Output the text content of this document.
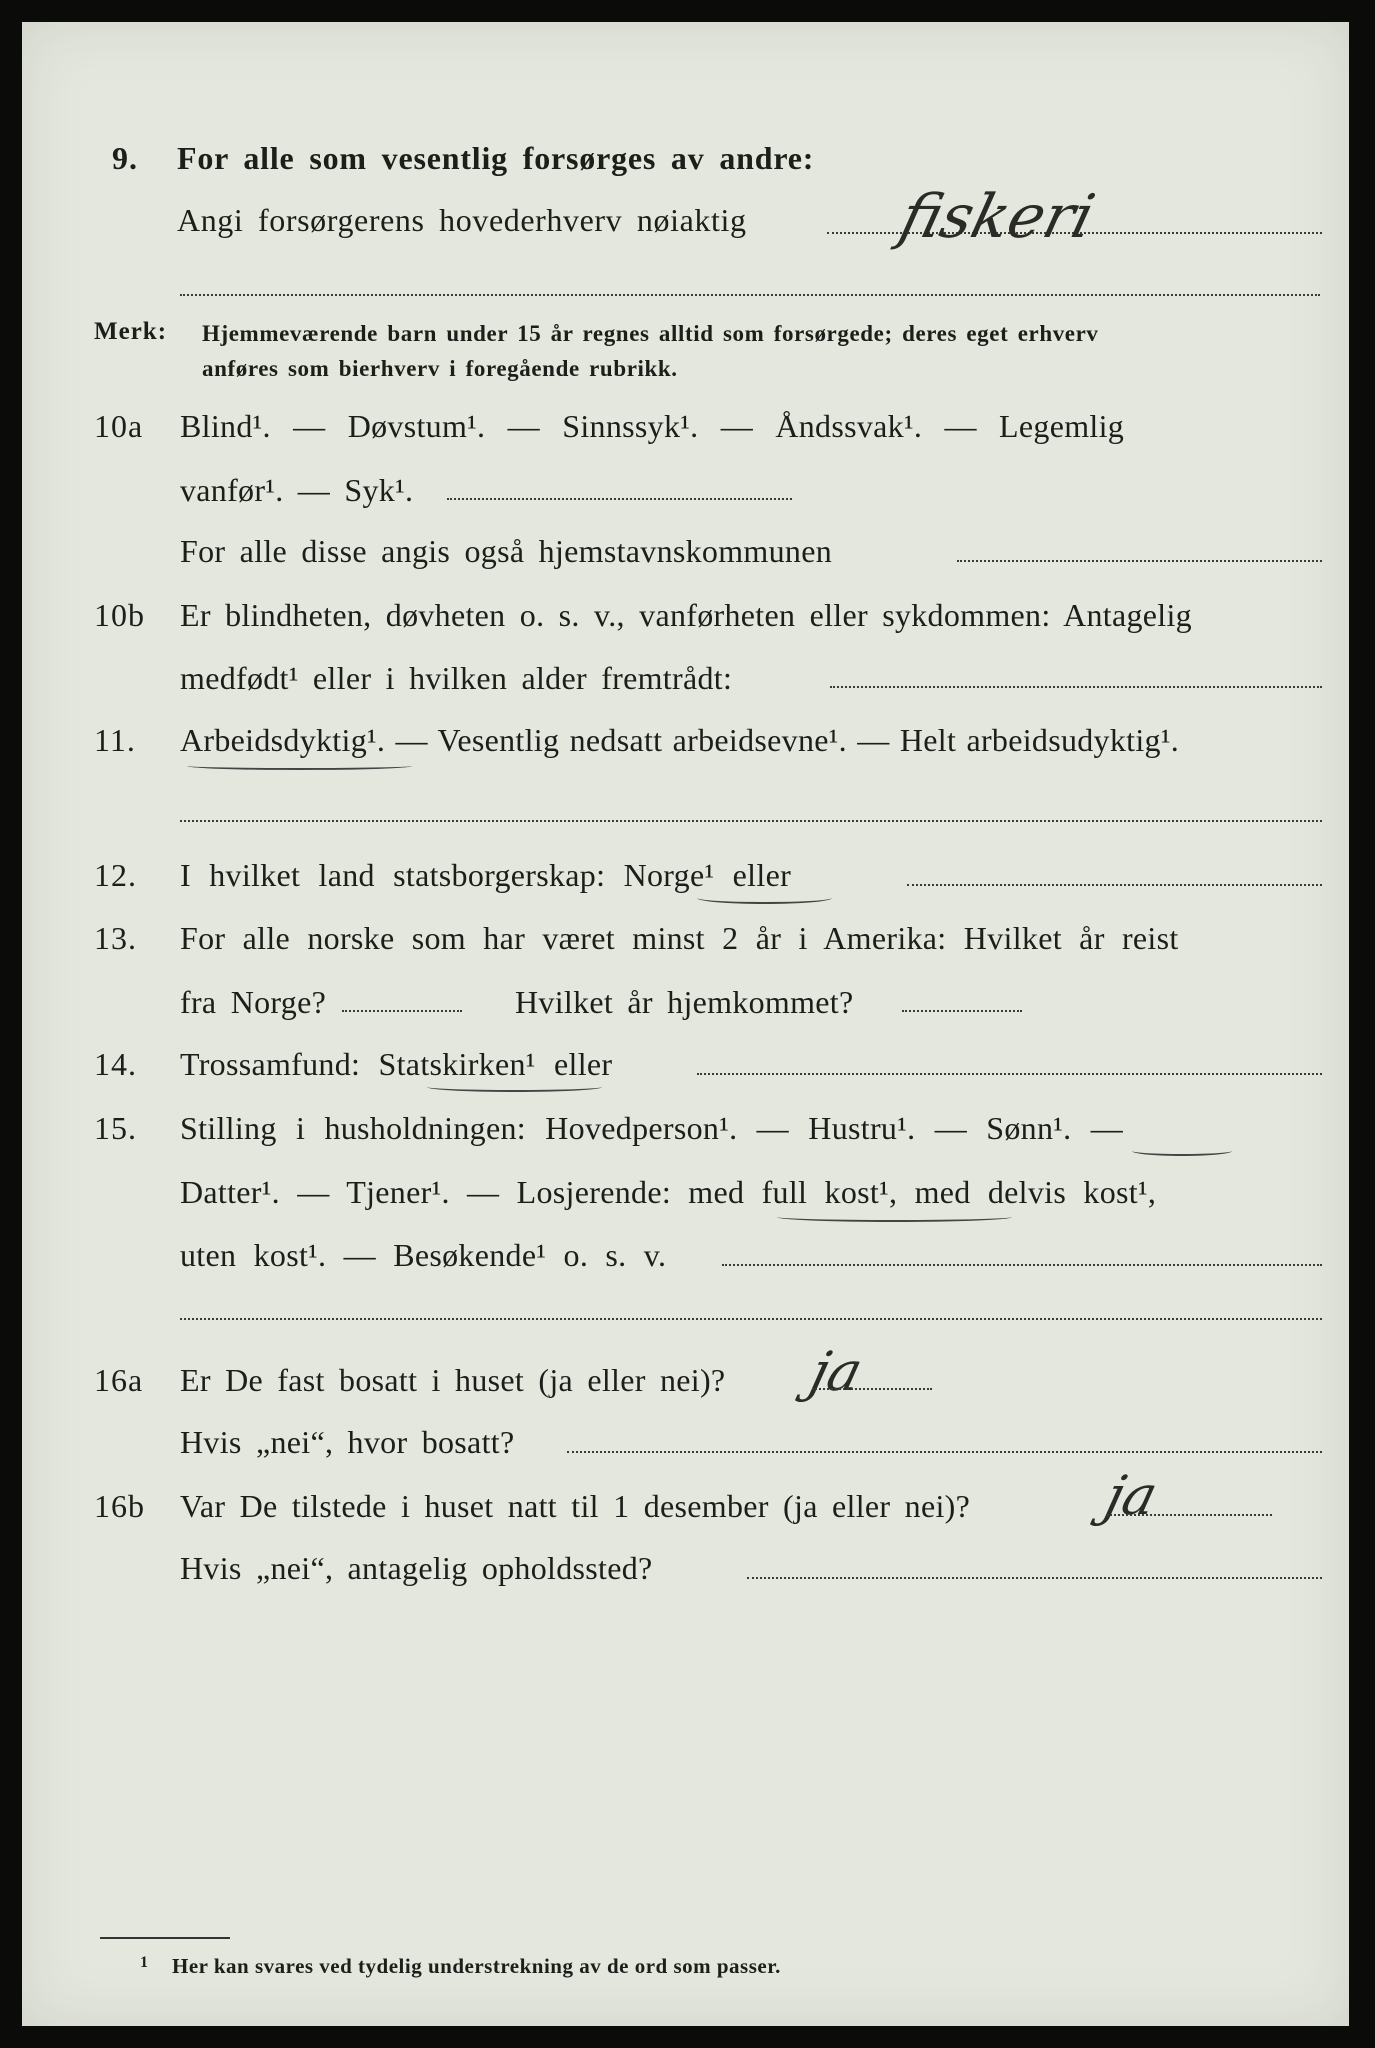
9. For alle som vesentlig forsørges av andre:
Angi forsørgerens hovederhverv nøiaktig fiskeri
Merk: Hjemmeværende barn under 15 år regnes alltid som forsørgede; deres eget erhverv
anføres som bierhverv i foregående rubrikk.
10a Blind¹. — Døvstum¹. — Sinnssyk¹. — Åndssvak¹. — Legemlig
vanfør¹. — Syk¹.
For alle disse angis også hjemstavnskommunen
10b Er blindheten, døvheten o. s. v., vanførheten eller sykdommen: Antagelig
medfødt¹ eller i hvilken alder fremtrådt:
11. Arbeidsdyktig¹. — Vesentlig nedsatt arbeidsevne¹. — Helt arbeidsudyktig¹.
12. I hvilket land statsborgerskap: Norge¹ eller
13. For alle norske som har været minst 2 år i Amerika: Hvilket år reist
fra Norge?	Hvilket år hjemkommet?
14. Trossamfund: Statskirken¹ eller
15. Stilling i husholdningen: Hovedperson¹. — Hustru¹. — Sønn¹. —
Datter¹. — Tjener¹. — Losjerende: med full kost¹, med delvis kost¹,
uten kost¹. — Besøkende¹ o. s. v.
16a Er De fast bosatt i huset (ja eller nei)? ja
Hvis „nei“, hvor bosatt?
16b Var De tilstede i huset natt til 1 desember (ja eller nei)? ja
Hvis „nei“, antagelig opholdssted?
1 Her kan svares ved tydelig understrekning av de ord som passer.
